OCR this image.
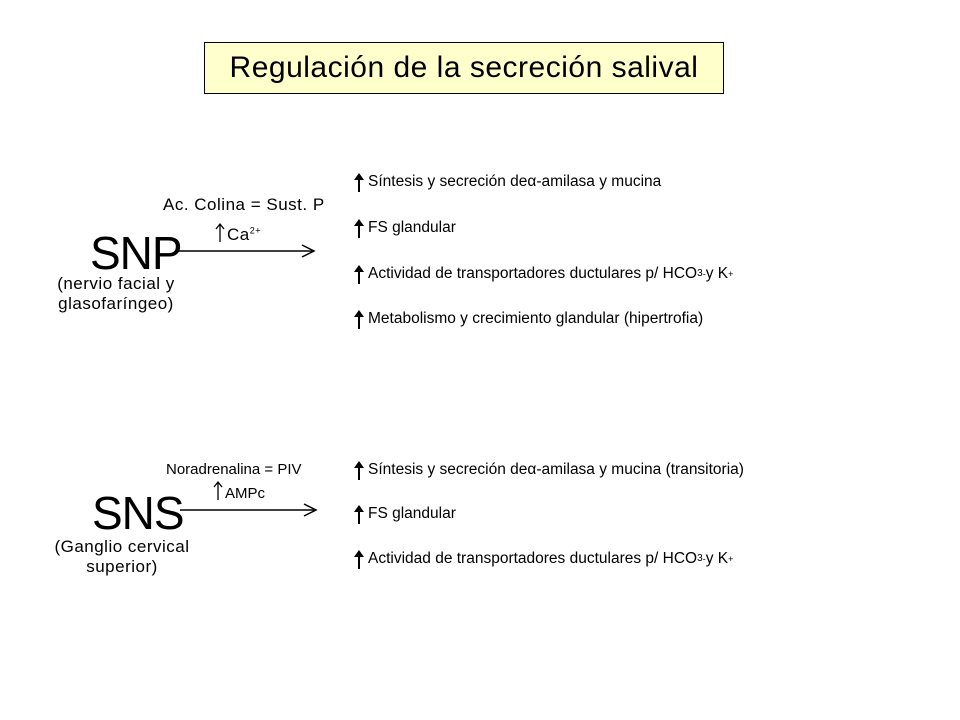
Regulación de la secreción salival
SNP
(nervio facial y
glasofaríngeo)
Ac. Colina = Sust. P
$Ca^{2+}$
Síntesis y secreción de α -amilasa y mucina
FS glandular
Actividad de transportadores ductulares p/ HCO 3 - y K +
Metabolismo y crecimiento glandular (hipertrofia)
SNS
(Ganglio cervical
superior)
Noradrenalina = PIV
AMPc
Síntesis y secreción de α -amilasa y mucina (transitoria)
FS glandular
Actividad de transportadores ductulares p/ HCO 3 - y K +
